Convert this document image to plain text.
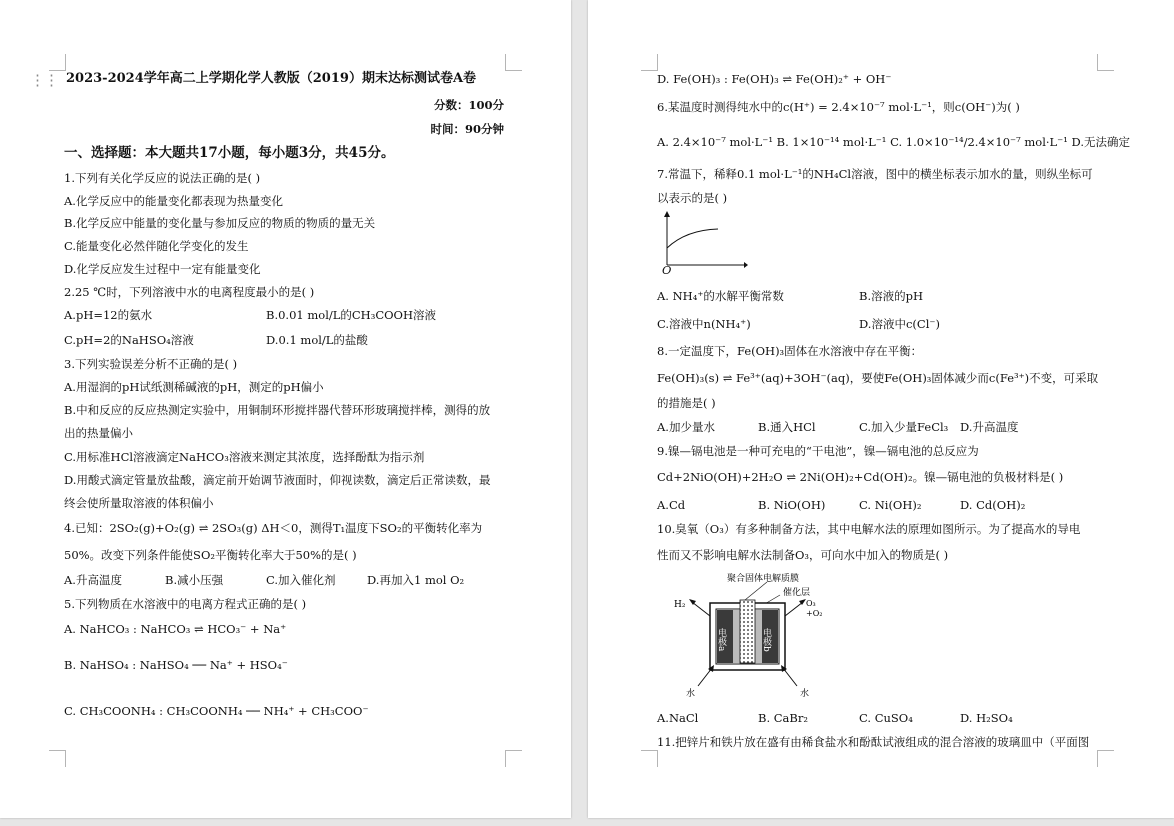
⋮⋮ 2023-2024学年高二上学期化学人教版（2019）期末达标测试卷A卷
分数：100分
时间：90分钟
一、选择题：本大题共17小题，每小题3分，共45分。
1.下列有关化学反应的说法正确的是( )
A.化学反应中的能量变化都表现为热量变化
B.化学反应中能量的变化量与参加反应的物质的物质的量无关
C.能量变化必然伴随化学变化的发生
D.化学反应发生过程中一定有能量变化
2.25 ℃时，下列溶液中水的电离程度最小的是( )
A.pH=12的氨水	B.0.01 mol/L的CH₃COOH溶液
C.pH=2的NaHSO₄溶液	D.0.1 mol/L的盐酸
3.下列实验误差分析不正确的是( )
A.用湿润的pH试纸测稀碱液的pH，测定的pH偏小
B.中和反应的反应热测定实验中，用铜制环形搅拌器代替环形玻璃搅拌棒，测得的放
出的热量偏小
C.用标准HCl溶液滴定NaHCO₃溶液来测定其浓度，选择酚酞为指示剂
D.用酸式滴定管量放盐酸，滴定前开始调节液面时，仰视读数，滴定后正常读数，最
终会使所量取溶液的体积偏小
4.已知：2SO₂(g)+O₂(g) ⇌ 2SO₃(g) ΔH＜0，测得T₁温度下SO₂的平衡转化率为
50%。改变下列条件能使SO₂平衡转化率大于50%的是( )
A.升高温度	B.减小压强	C.加入催化剂	D.再加入1 mol O₂
5.下列物质在水溶液中的电离方程式正确的是( )
A. NaHCO₃ : NaHCO₃ ⇌ HCO₃⁻ + Na⁺
B. NaHSO₄ : NaHSO₄ ── Na⁺ + HSO₄⁻
C. CH₃COONH₄ : CH₃COONH₄ ── NH₄⁺ + CH₃COO⁻
D. Fe(OH)₃ : Fe(OH)₃ ⇌ Fe(OH)₂⁺ + OH⁻
6.某温度时测得纯水中的c(H⁺) = 2.4×10⁻⁷ mol·L⁻¹，则c(OH⁻)为( )
A. 2.4×10⁻⁷ mol·L⁻¹ B. 1×10⁻¹⁴ mol·L⁻¹ C. 1.0×10⁻¹⁴/2.4×10⁻⁷ mol·L⁻¹ D.无法确定
7.常温下，稀释0.1 mol·L⁻¹的NH₄Cl溶液，图中的横坐标表示加水的量，则纵坐标可
以表示的是( )
O
A. NH₄⁺的水解平衡常数	B.溶液的pH
C.溶液中n(NH₄⁺)	D.溶液中c(Cl⁻)
8.一定温度下，Fe(OH)₃固体在水溶液中存在平衡：
Fe(OH)₃(s) ⇌ Fe³⁺(aq)+3OH⁻(aq)，要使Fe(OH)₃固体减少而c(Fe³⁺)不变，可采取
的措施是( )
A.加少量水	B.通入HCl	C.加入少量FeCl₃ D.升高温度
9.镍—镉电池是一种可充电的“干电池”，镍—镉电池的总反应为
Cd+2NiO(OH)+2H₂O ⇌ 2Ni(OH)₂+Cd(OH)₂。镍—镉电池的负极材料是( )
A.Cd	B. NiO(OH)	C. Ni(OH)₂	D. Cd(OH)₂
10.臭氧（O₃）有多种制备方法，其中电解水法的原理如图所示。为了提高水的导电
性而又不影响电解水法制备O₃，可向水中加入的物质是( )
聚合固体电解质膜
催化层
H₂	O₃
+O₂
电极a	电极b
水	水
A.NaCl	B. CaBr₂	C. CuSO₄	D. H₂SO₄
11.把锌片和铁片放在盛有由稀食盐水和酚酞试液组成的混合溶液的玻璃皿中（平面图
